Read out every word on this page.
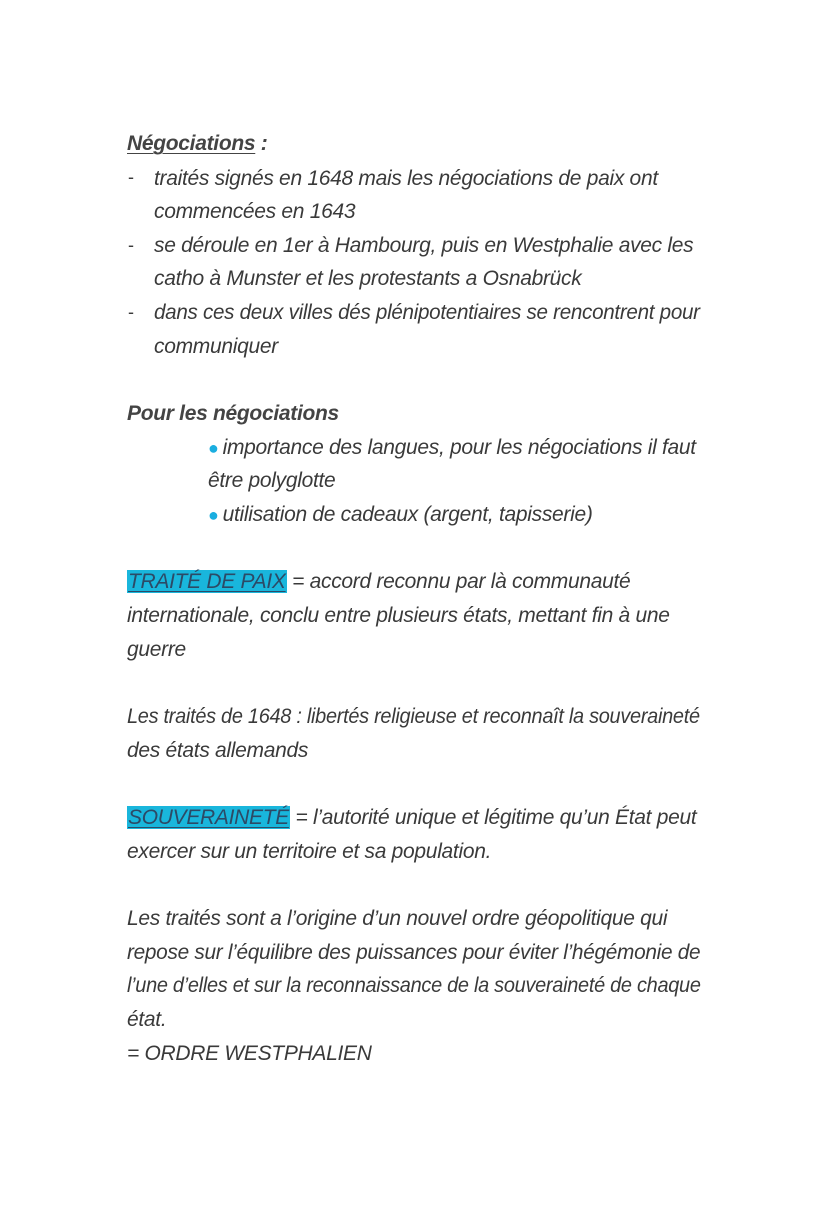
Négociations :
- traités signés en 1648 mais les négociations de paix ont
commencées en 1643
- se déroule en 1er à Hambourg, puis en Westphalie avec les
catho à Munster et les protestants a Osnabrück
- dans ces deux villes dés plénipotentiaires se rencontrent pour
communiquer
Pour les négociations
● importance des langues, pour les négociations il faut
être polyglotte
● utilisation de cadeaux (argent, tapisserie)
TRAITÉ DE PAIX = accord reconnu par là communauté
internationale, conclu entre plusieurs états, mettant fin à une
guerre
Les traités de 1648 : libertés religieuse et reconnaît la souveraineté
des états allemands
SOUVERAINETÉ = l’autorité unique et légitime qu’un État peut
exercer sur un territoire et sa population.
Les traités sont a l’origine d’un nouvel ordre géopolitique qui
repose sur l’équilibre des puissances pour éviter l’hégémonie de
l’une d’elles et sur la reconnaissance de la souveraineté de chaque
état.
= ORDRE WESTPHALIEN
